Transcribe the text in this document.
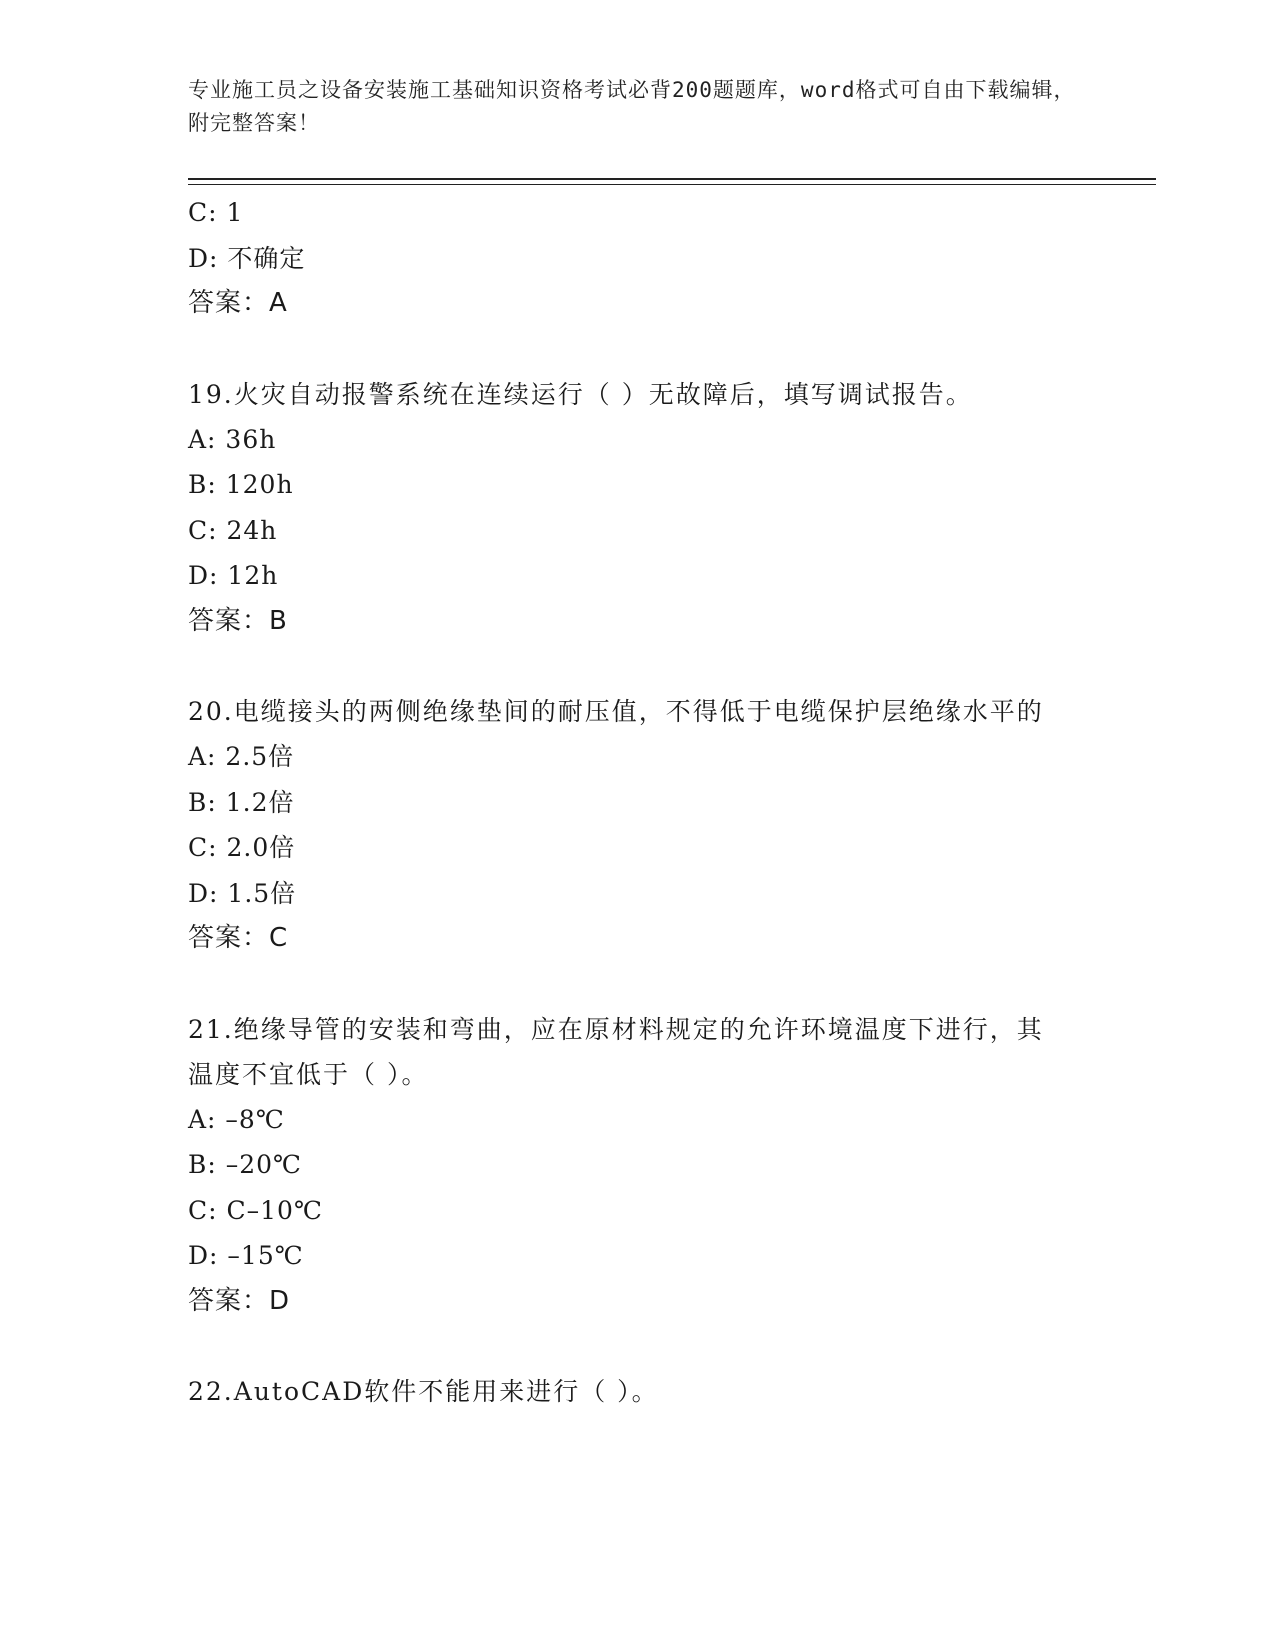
专业施工员之设备安装施工基础知识资格考试必背200题题库，word格式可自由下载编辑，附完整答案！
C: 1
D: 不确定
答案：A
19.火灾自动报警系统在连续运行（ ）无故障后，填写调试报告。
A: 36h
B: 120h
C: 24h
D: 12h
答案：B
20.电缆接头的两侧绝缘垫间的耐压值，不得低于电缆保护层绝缘水平的
A: 2.5倍
B: 1.2倍
C: 2.0倍
D: 1.5倍
答案：C
21.绝缘导管的安装和弯曲，应在原材料规定的允许环境温度下进行，其温度不宜低于（ ）。
A: –8℃
B: –20℃
C: C–10℃
D: –15℃
答案：D
22.AutoCAD软件不能用来进行（ ）。
